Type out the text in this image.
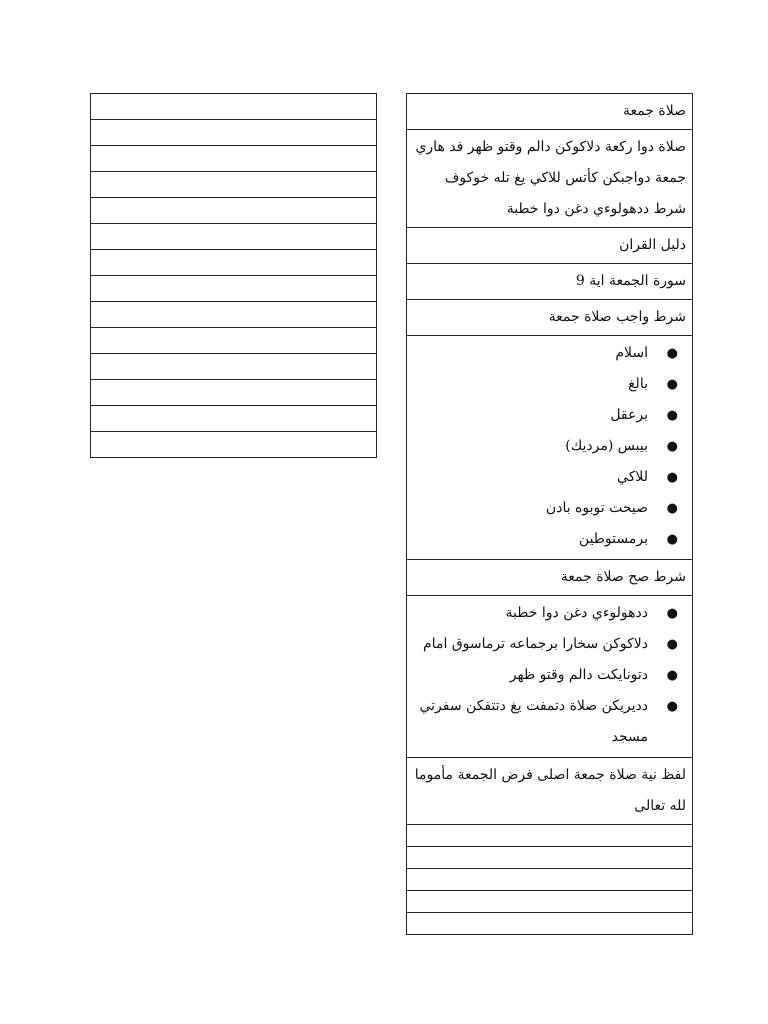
صلاة جمعة
صلاة دوا ركعة دلاكوكن دالم وقتو ظهر فد هاري جمعة دواجبكن كأتس للاكي يغ تله خوكوف شرط ددهولوءي دغن دوا خطبة
دليل القران
سورة الجمعة اية 9
شرط واجب صلاة جمعة

●
اسلام
●
بالغ
●
برعقل
●
بيبس (مرديك)
●
للاكي
●
صيحت توبوه بادن
●
برمستوطين

شرط صح صلاة جمعة

●
ددهولوءي دغن دوا خطبة
●
دلاكوكن سخارا برجماعه ترماسوق امام
●
دتونايكت دالم وقتو ظهر
●
دديريكن صلاة دتمفت يغ دتتفكن سفرتي مسجد

لفظ نية صلاة جمعة اصلى فرض الجمعة مأموما لله تعالى
